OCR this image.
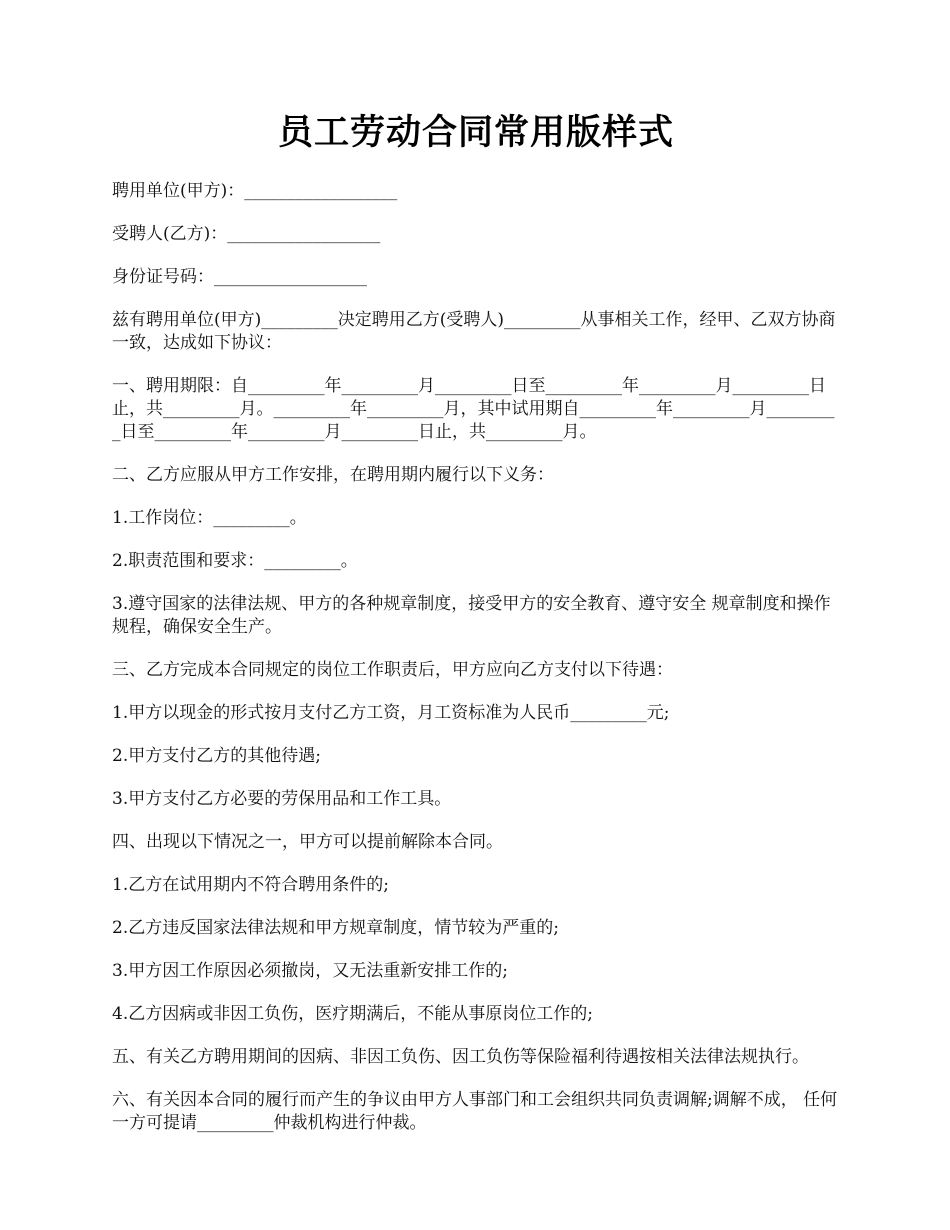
员工劳动合同常用版样式

聘用单位(甲方)：__________________

受聘人(乙方)：__________________

身份证号码：__________________

兹有聘用单位(甲方)_________决定聘用乙方(受聘人)_________从事相关工作，经甲、乙双方协商一致，达成如下协议：

一、聘用期限：自_________年_________月_________日至_________年_________月_________日止，共_________月。_________年_________月，其中试用期自_________年_________月_________日至_________年_________月_________日止，共_________月。

二、乙方应服从甲方工作安排，在聘用期内履行以下义务：

1.工作岗位：_________。

2.职责范围和要求：_________。

3.遵守国家的法律法规、甲方的各种规章制度，接受甲方的安全教育、遵守安全 规章制度和操作规程，确保安全生产。

三、乙方完成本合同规定的岗位工作职责后，甲方应向乙方支付以下待遇：

1.甲方以现金的形式按月支付乙方工资，月工资标准为人民币_________元;

2.甲方支付乙方的其他待遇;

3.甲方支付乙方必要的劳保用品和工作工具。

四、出现以下情况之一，甲方可以提前解除本合同。

1.乙方在试用期内不符合聘用条件的;

2.乙方违反国家法律法规和甲方规章制度，情节较为严重的;

3.甲方因工作原因必须撤岗，又无法重新安排工作的;

4.乙方因病或非因工负伤，医疗期满后，不能从事原岗位工作的;

五、有关乙方聘用期间的因病、非因工负伤、因工负伤等保险福利待遇按相关法律法规执行。

六、有关因本合同的履行而产生的争议由甲方人事部门和工会组织共同负责调解;调解不成， 任何一方可提请_________仲裁机构进行仲裁。
